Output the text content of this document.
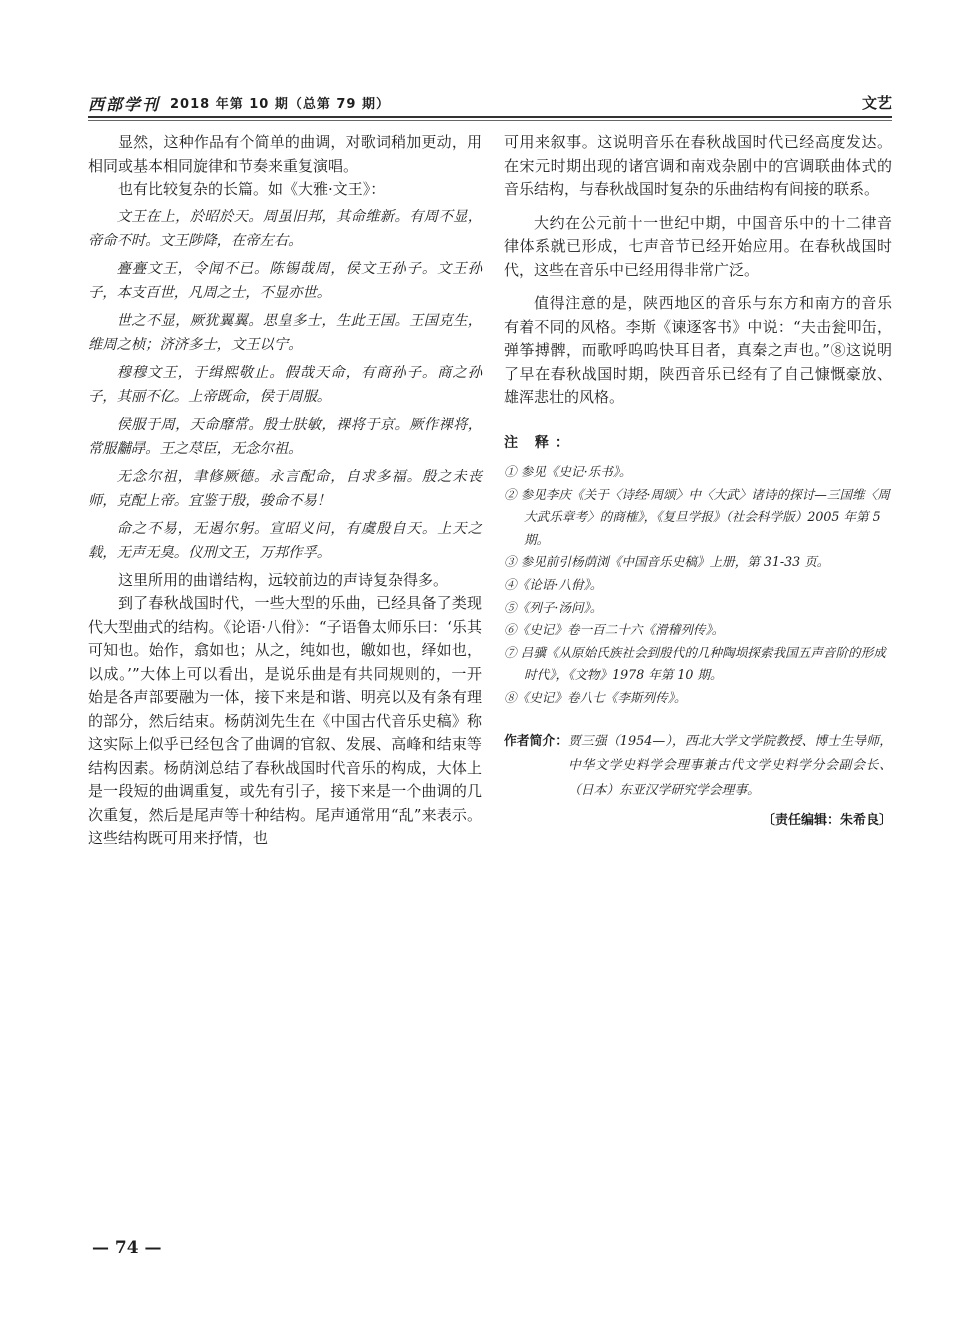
西部学刊 2018 年第 10 期（总第 79 期）	文艺

显然，这种作品有个简单的曲调，对歌词稍加更动，用相同或基本相同旋律和节奏来重复演唱。

也有比较复杂的长篇。如《大雅·文王》：

文王在上，於昭於天。周虽旧邦，其命维新。有周不显，帝命不时。文王陟降，在帝左右。

亹亹文王，令闻不已。陈锡哉周，侯文王孙子。文王孙子，本支百世，凡周之士，不显亦世。

世之不显，厥犹翼翼。思皇多士，生此王国。王国克生，维周之桢；济济多士，文王以宁。

穆穆文王，于缉熙敬止。假哉天命，有商孙子。商之孙子，其丽不亿。上帝既命，侯于周服。

侯服于周，天命靡常。殷士肤敏，祼将于京。厥作祼将，常服黼冔。王之荩臣，无念尔祖。

无念尔祖，聿修厥德。永言配命，自求多福。殷之未丧师，克配上帝。宜鉴于殷，骏命不易！

命之不易，无遏尔躬。宣昭义问，有虞殷自天。上天之载，无声无臭。仪刑文王，万邦作孚。

这里所用的曲谱结构，远较前边的声诗复杂得多。

到了春秋战国时代，一些大型的乐曲，已经具备了类现代大型曲式的结构。《论语·八佾》：“子语鲁太师乐曰：‘乐其可知也。始作，翕如也；从之，纯如也，皦如也，绎如也，以成。’”大体上可以看出，是说乐曲是有共同规则的，一开始是各声部要融为一体，接下来是和谐、明亮以及有条有理的部分，然后结束。杨荫浏先生在《中国古代音乐史稿》称这实际上似乎已经包含了曲调的官叙、发展、高峰和结束等结构因素。杨荫浏总结了春秋战国时代音乐的构成，大体上是一段短的曲调重复，或先有引子，接下来是一个曲调的几次重复，然后是尾声等十种结构。尾声通常用“乱”来表示。这些结构既可用来抒情，也

可用来叙事。这说明音乐在春秋战国时代已经高度发达。在宋元时期出现的诸宫调和南戏杂剧中的宫调联曲体式的音乐结构，与春秋战国时复杂的乐曲结构有间接的联系。

大约在公元前十一世纪中期，中国音乐中的十二律音律体系就已形成，七声音节已经开始应用。在春秋战国时代，这些在音乐中已经用得非常广泛。

值得注意的是，陕西地区的音乐与东方和南方的音乐有着不同的风格。李斯《谏逐客书》中说：“夫击瓮叩缶，弹筝搏髀，而歌呼呜呜快耳目者，真秦之声也。”⑧这说明了早在春秋战国时期，陕西音乐已经有了自己慷慨豪放、雄浑悲壮的风格。

注 释：
① 参见《史记·乐书》。
② 参见李庆《关于〈诗经·周颂〉中〈大武〉诸诗的探讨—三国维〈周大武乐章考〉的商榷》，《复旦学报》（社会科学版）2005 年第 5 期。
③ 参见前引杨荫浏《中国音乐史稿》上册，第 31-33 页。
④《论语·八佾》。
⑤《列子·汤问》。
⑥《史记》卷一百二十六《滑稽列传》。
⑦ 吕骥《从原始氏族社会到殷代的几种陶埙探索我国五声音阶的形成时代》，《文物》1978 年第 10 期。
⑧《史记》卷八七《李斯列传》。
作者简介： 贾三强（1954—），西北大学文学院教授、博士生导师，中华文学史料学会理事兼古代文学史料学分会副会长、（日本）东亚汉学研究学会理事。
〔责任编辑：朱希良〕
— 74 —
